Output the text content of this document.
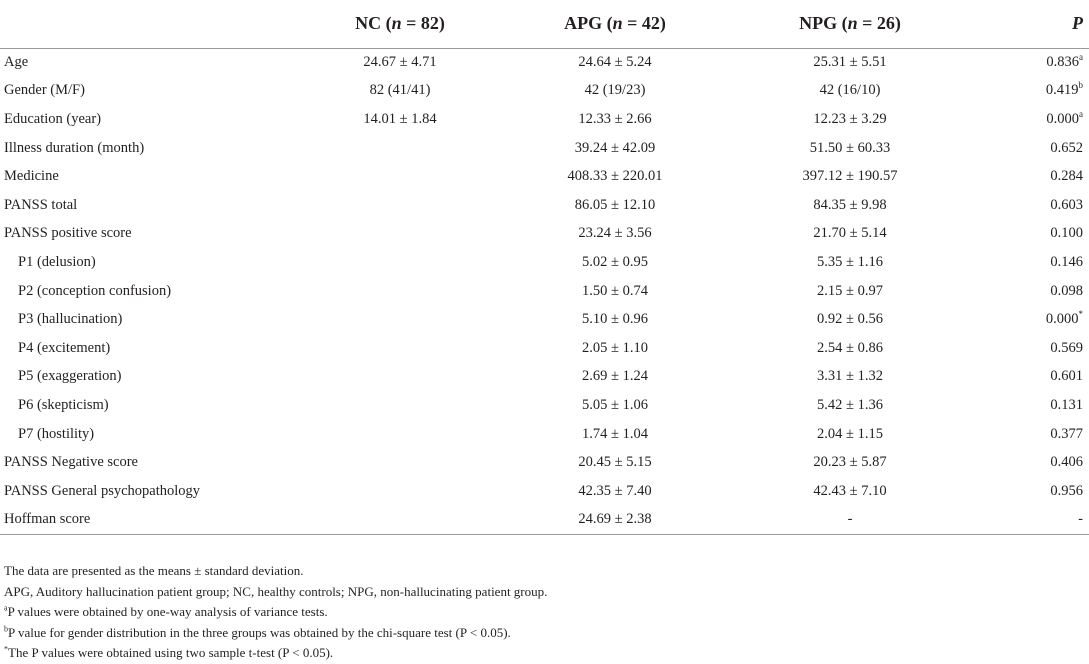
	NC (n = 82)	APG (n = 42)	NPG (n = 26)	P
Age	24.67 ± 4.71	24.64 ± 5.24	25.31 ± 5.51	0.836$^a$
Gender (M/F)	82 (41/41)	42 (19/23)	42 (16/10)	0.419$^b$
Education (year)	14.01 ± 1.84	12.33 ± 2.66	12.23 ± 3.29	0.000$^a$
Illness duration (month)		39.24 ± 42.09	51.50 ± 60.33	0.652
Medicine		408.33 ± 220.01	397.12 ± 190.57	0.284
PANSS total		86.05 ± 12.10	84.35 ± 9.98	0.603
PANSS positive score		23.24 ± 3.56	21.70 ± 5.14	0.100
P1 (delusion)		5.02 ± 0.95	5.35 ± 1.16	0.146
P2 (conception confusion)		1.50 ± 0.74	2.15 ± 0.97	0.098
P3 (hallucination)		5.10 ± 0.96	0.92 ± 0.56	0.000*
P4 (excitement)		2.05 ± 1.10	2.54 ± 0.86	0.569
P5 (exaggeration)		2.69 ± 1.24	3.31 ± 1.32	0.601
P6 (skepticism)		5.05 ± 1.06	5.42 ± 1.36	0.131
P7 (hostility)		1.74 ± 1.04	2.04 ± 1.15	0.377
PANSS Negative score		20.45 ± 5.15	20.23 ± 5.87	0.406
PANSS General psychopathology		42.35 ± 7.40	42.43 ± 7.10	0.956
Hoffman score		24.69 ± 2.38	-	-
The data are presented as the means ± standard deviation.
APG, Auditory hallucination patient group; NC, healthy controls; NPG, non-hallucinating patient group.
$^a$P values were obtained by one-way analysis of variance tests.
$^b$P value for gender distribution in the three groups was obtained by the chi-square test (P < 0.05).
*The P values were obtained using two sample t-test (P < 0.05).
